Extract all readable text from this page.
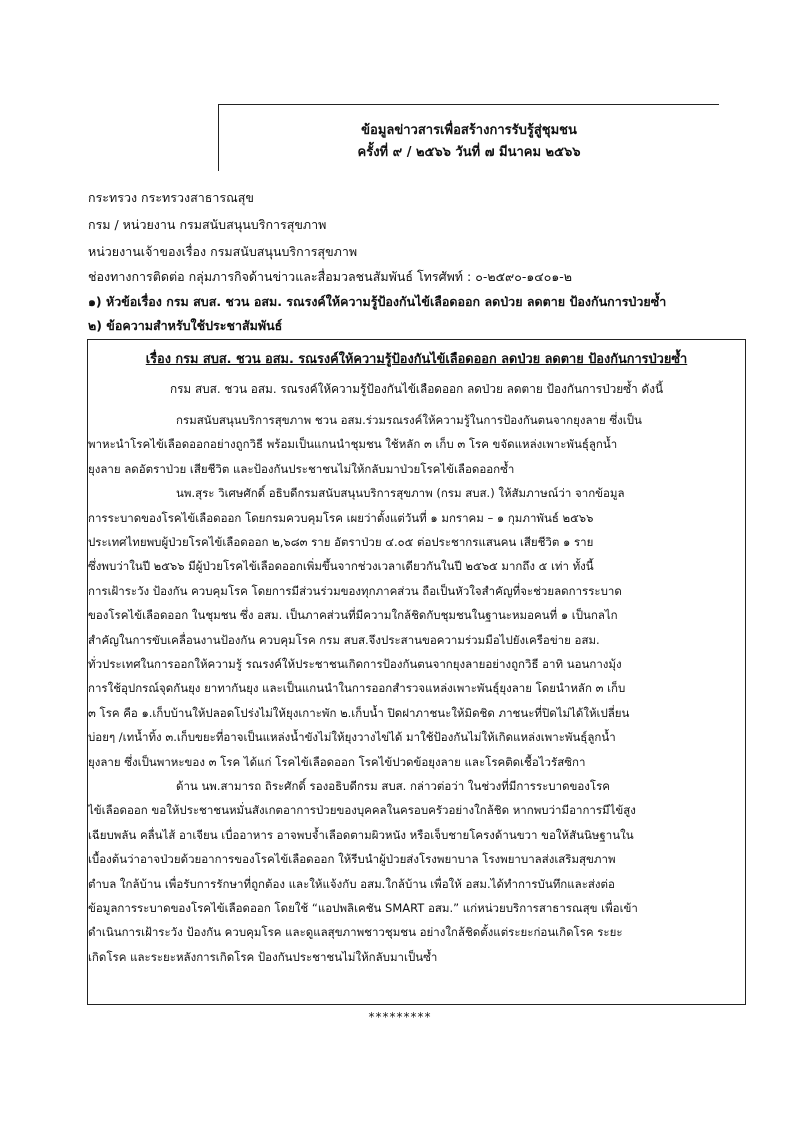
ข้อมูลข่าวสารเพื่อสร้างการรับรู้สู่ชุมชน
ครั้งที่ ๙ / ๒๕๖๖ วันที่ ๗ มีนาคม ๒๕๖๖
กระทรวง กระทรวงสาธารณสุข
กรม / หน่วยงาน กรมสนับสนุนบริการสุขภาพ
หน่วยงานเจ้าของเรื่อง กรมสนับสนุนบริการสุขภาพ
ช่องทางการติดต่อ กลุ่มภารกิจด้านข่าวและสื่อมวลชนสัมพันธ์ โทรศัพท์ : ๐-๒๕๙๐-๑๔๐๑-๒
๑) หัวข้อเรื่อง กรม สบส. ชวน อสม. รณรงค์ให้ความรู้ป้องกันไข้เลือดออก ลดป่วย ลดตาย ป้องกันการป่วยซ้ำ
๒) ข้อความสำหรับใช้ประชาสัมพันธ์
เรื่อง กรม สบส. ชวน อสม. รณรงค์ให้ความรู้ป้องกันไข้เลือดออก ลดป่วย ลดตาย ป้องกันการป่วยซ้ำ
กรม สบส. ชวน อสม. รณรงค์ให้ความรู้ป้องกันไข้เลือดออก ลดป่วย ลดตาย ป้องกันการป่วยซ้ำ ดังนี้
กรมสนับสนุนบริการสุขภาพ ชวน อสม.ร่วมรณรงค์ให้ความรู้ในการป้องกันตนจากยุงลาย ซึ่งเป็น
พาหะนำโรคไข้เลือดออกอย่างถูกวิธี พร้อมเป็นแกนนำชุมชน ใช้หลัก ๓ เก็บ ๓ โรค ขจัดแหล่งเพาะพันธุ์ลูกน้ำ
ยุงลาย ลดอัตราป่วย เสียชีวิต และป้องกันประชาชนไม่ให้กลับมาป่วยโรคไข้เลือดออกซ้ำ
นพ.สุระ วิเศษศักดิ์ อธิบดีกรมสนับสนุนบริการสุขภาพ (กรม สบส.) ให้สัมภาษณ์ว่า จากข้อมูล
การระบาดของโรคไข้เลือดออก โดยกรมควบคุมโรค เผยว่าตั้งแต่วันที่ ๑ มกราคม – ๑ กุมภาพันธ์ ๒๕๖๖
ประเทศไทยพบผู้ป่วยโรคไข้เลือดออก ๒,๖๘๓ ราย อัตราป่วย ๔.๐๕ ต่อประชากรแสนคน เสียชีวิต ๑ ราย
ซึ่งพบว่าในปี ๒๕๖๖ มีผู้ป่วยโรคไข้เลือดออกเพิ่มขึ้นจากช่วงเวลาเดียวกันในปี ๒๕๖๕ มากถึง ๕ เท่า ทั้งนี้
การเฝ้าระวัง ป้องกัน ควบคุมโรค โดยการมีส่วนร่วมของทุกภาคส่วน ถือเป็นหัวใจสำคัญที่จะช่วยลดการระบาด
ของโรคไข้เลือดออก ในชุมชน ซึ่ง อสม. เป็นภาคส่วนที่มีความใกล้ชิดกับชุมชนในฐานะหมอคนที่ ๑ เป็นกลไก
สำคัญในการขับเคลื่อนงานป้องกัน ควบคุมโรค กรม สบส.จึงประสานขอความร่วมมือไปยังเครือข่าย อสม.
ทั่วประเทศในการออกให้ความรู้ รณรงค์ให้ประชาชนเกิดการป้องกันตนจากยุงลายอย่างถูกวิธี อาทิ นอนกางมุ้ง
การใช้อุปกรณ์จุดกันยุง ยาทากันยุง และเป็นแกนนำในการออกสำรวจแหล่งเพาะพันธุ์ยุงลาย โดยนำหลัก ๓ เก็บ
๓ โรค คือ ๑.เก็บบ้านให้ปลอดโปร่งไม่ให้ยุงเกาะพัก ๒.เก็บน้ำ ปิดฝาภาชนะให้มิดชิด ภาชนะที่ปิดไม่ได้ให้เปลี่ยน
บ่อยๆ /เทน้ำทิ้ง ๓.เก็บขยะที่อาจเป็นแหล่งน้ำขังไม่ให้ยุงวางไข่ได้ มาใช้ป้องกันไม่ให้เกิดแหล่งเพาะพันธุ์ลูกน้ำ
ยุงลาย ซึ่งเป็นพาหะของ ๓ โรค ได้แก่ โรคไข้เลือดออก โรคไข้ปวดข้อยุงลาย และโรคติดเชื้อไวรัสซิกา
ด้าน นพ.สามารถ ถิระศักดิ์ รองอธิบดีกรม สบส. กล่าวต่อว่า ในช่วงที่มีการระบาดของโรค
ไข้เลือดออก ขอให้ประชาชนหมั่นสังเกตอาการป่วยของบุคคลในครอบครัวอย่างใกล้ชิด หากพบว่ามีอาการมีไข้สูง
เฉียบพลัน คลื่นไส้ อาเจียน เบื่ออาหาร อาจพบจ้ำเลือดตามผิวหนัง หรือเจ็บชายโครงด้านขวา ขอให้สันนิษฐานใน
เบื้องต้นว่าอาจป่วยด้วยอาการของโรคไข้เลือดออก ให้รีบนำผู้ป่วยส่งโรงพยาบาล โรงพยาบาลส่งเสริมสุขภาพ
ตำบล ใกล้บ้าน เพื่อรับการรักษาที่ถูกต้อง และให้แจ้งกับ อสม.ใกล้บ้าน เพื่อให้ อสม.ได้ทำการบันทึกและส่งต่อ
ข้อมูลการระบาดของโรคไข้เลือดออก โดยใช้ “แอปพลิเคชัน SMART อสม.” แก่หน่วยบริการสาธารณสุข เพื่อเข้า
ดำเนินการเฝ้าระวัง ป้องกัน ควบคุมโรค และดูแลสุขภาพชาวชุมชน อย่างใกล้ชิดตั้งแต่ระยะก่อนเกิดโรค ระยะ
เกิดโรค และระยะหลังการเกิดโรค ป้องกันประชาชนไม่ให้กลับมาเป็นซ้ำ
*********
